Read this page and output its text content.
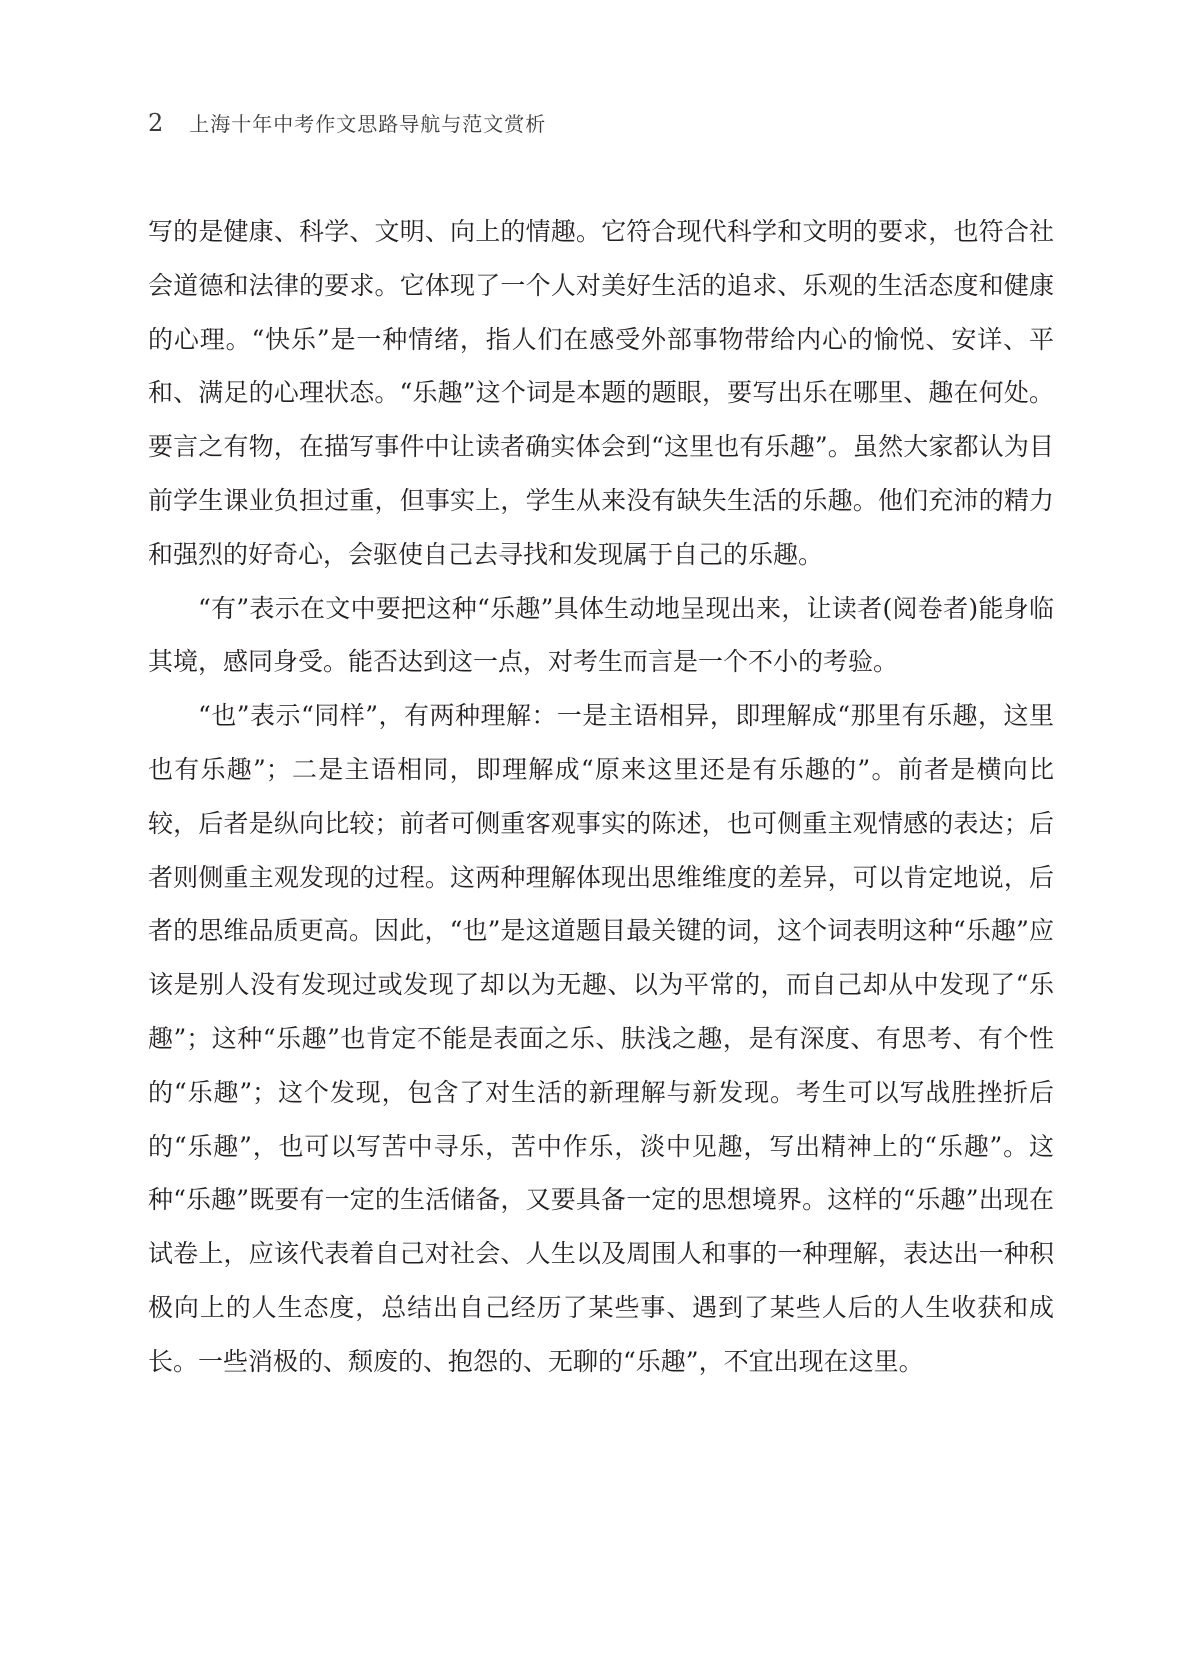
2 上海十年中考作文思路导航与范文赏析

写的是健康、科学、文明、向上的情趣。它符合现代科学和文明的要求，也符合社会道德和法律的要求。它体现了一个人对美好生活的追求、乐观的生活态度和健康的心理。“快乐”是一种情绪，指人们在感受外部事物带给内心的愉悦、安详、平和、满足的心理状态。“乐趣”这个词是本题的题眼，要写出乐在哪里、趣在何处。要言之有物，在描写事件中让读者确实体会到“这里也有乐趣”。虽然大家都认为目前学生课业负担过重，但事实上，学生从来没有缺失生活的乐趣。他们充沛的精力和强烈的好奇心，会驱使自己去寻找和发现属于自己的乐趣。

“有”表示在文中要把这种“乐趣”具体生动地呈现出来，让读者(阅卷者)能身临其境，感同身受。能否达到这一点，对考生而言是一个不小的考验。

“也”表示“同样”，有两种理解：一是主语相异，即理解成“那里有乐趣，这里也有乐趣”；二是主语相同，即理解成“原来这里还是有乐趣的”。前者是横向比较，后者是纵向比较；前者可侧重客观事实的陈述，也可侧重主观情感的表达；后者则侧重主观发现的过程。这两种理解体现出思维维度的差异，可以肯定地说，后者的思维品质更高。因此，“也”是这道题目最关键的词，这个词表明这种“乐趣”应该是别人没有发现过或发现了却以为无趣、以为平常的，而自己却从中发现了“乐趣”；这种“乐趣”也肯定不能是表面之乐、肤浅之趣，是有深度、有思考、有个性的“乐趣”；这个发现，包含了对生活的新理解与新发现。考生可以写战胜挫折后的“乐趣”，也可以写苦中寻乐，苦中作乐，淡中见趣，写出精神上的“乐趣”。这种“乐趣”既要有一定的生活储备，又要具备一定的思想境界。这样的“乐趣”出现在试卷上，应该代表着自己对社会、人生以及周围人和事的一种理解，表达出一种积极向上的人生态度，总结出自己经历了某些事、遇到了某些人后的人生收获和成长。一些消极的、颓废的、抱怨的、无聊的“乐趣”，不宜出现在这里。
